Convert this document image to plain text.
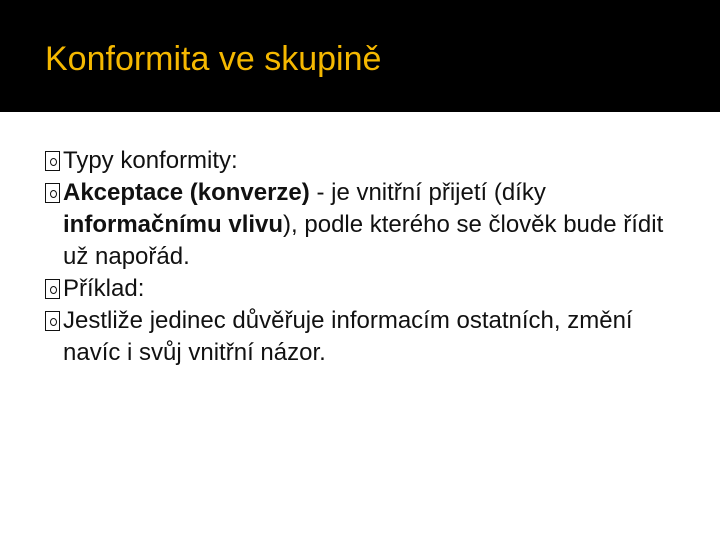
Konformita ve skupině
Typy konformity:
Akceptace (konverze) - je vnitřní přijetí (díky informačnímu vlivu), podle kterého se člověk bude řídit už napořád.
Příklad:
Jestliže jedinec důvěřuje informacím ostatních, změní navíc i svůj vnitřní názor.
